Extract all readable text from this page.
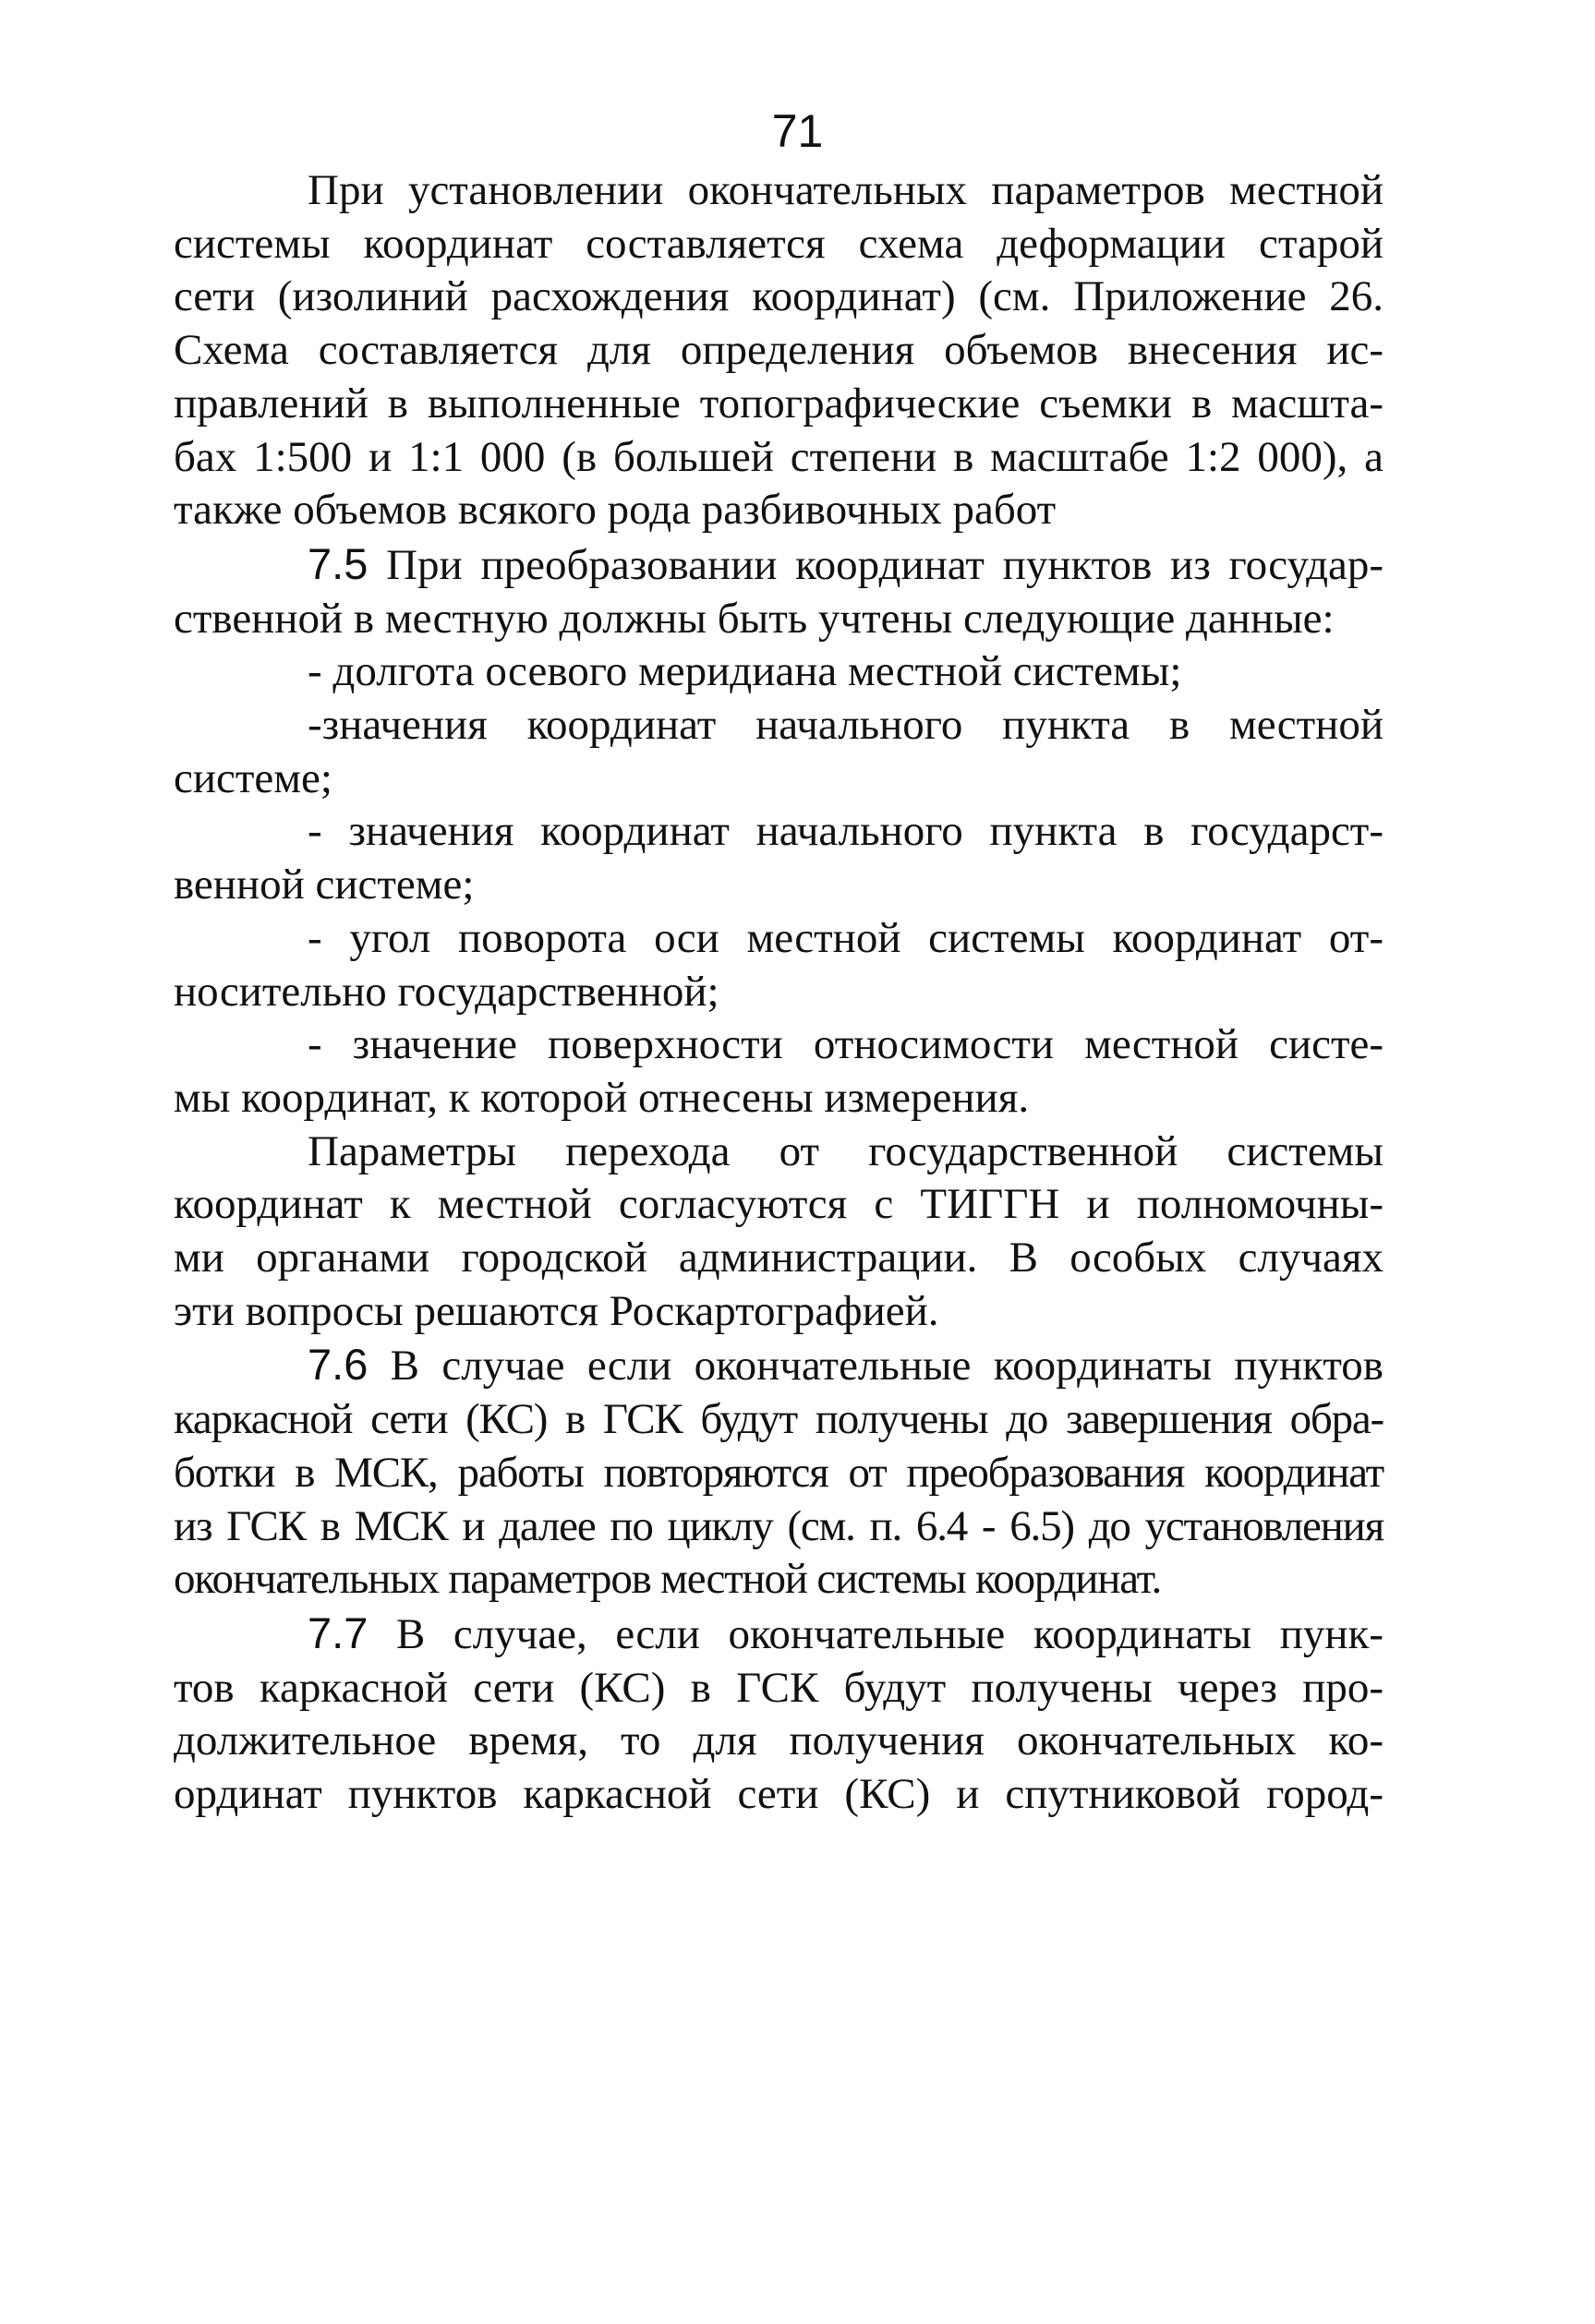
71
При установлении окончательных параметров местной
системы координат составляется схема деформации старой
сети (изолиний расхождения координат) (см. Приложение 26.
Схема составляется для определения объемов внесения ис-
правлений в выполненные топографические съемки в масшта-
бах 1:500 и 1:1 000 (в большей степени в масштабе 1:2 000), а
также объемов всякого рода разбивочных работ
7.5 При преобразовании координат пунктов из государ-
ственной в местную должны быть учтены следующие данные:
- долгота осевого меридиана местной системы;
-значения координат начального пункта в местной
системе;
- значения координат начального пункта в государст-
венной системе;
- угол поворота оси местной системы координат от-
носительно государственной;
- значение поверхности относимости местной систе-
мы координат, к которой отнесены измерения.
Параметры перехода от государственной системы
координат к местной согласуются с ТИГГН и полномочны-
ми органами городской администрации. В особых случаях
эти вопросы решаются Роскартографией.
7.6 В случае если окончательные координаты пунктов
каркасной сети (КС) в ГСК будут получены до завершения обра-
ботки в МСК, работы повторяются от преобразования координат
из ГСК в МСК и далее по циклу (см. п. 6.4 - 6.5) до установления
окончательных параметров местной системы координат.
7.7 В случае, если окончательные координаты пунк-
тов каркасной сети (КС) в ГСК будут получены через про-
должительное время, то для получения окончательных ко-
ординат пунктов каркасной сети (КС) и спутниковой город-
